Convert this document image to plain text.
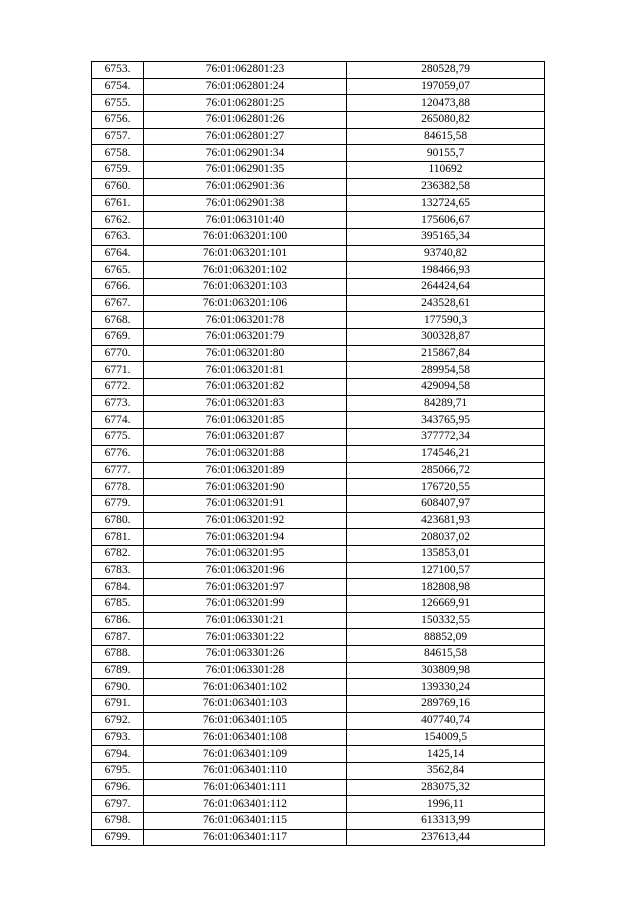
6753.	76:01:062801:23	280528,79
6754.	76:01:062801:24	197059,07
6755.	76:01:062801:25	120473,88
6756.	76:01:062801:26	265080,82
6757.	76:01:062801:27	84615,58
6758.	76:01:062901:34	90155,7
6759.	76:01:062901:35	110692
6760.	76:01:062901:36	236382,58
6761.	76:01:062901:38	132724,65
6762.	76:01:063101:40	175606,67
6763.	76:01:063201:100	395165,34
6764.	76:01:063201:101	93740,82
6765.	76:01:063201:102	198466,93
6766.	76:01:063201:103	264424,64
6767.	76:01:063201:106	243528,61
6768.	76:01:063201:78	177590,3
6769.	76:01:063201:79	300328,87
6770.	76:01:063201:80	215867,84
6771.	76:01:063201:81	289954,58
6772.	76:01:063201:82	429094,58
6773.	76:01:063201:83	84289,71
6774.	76:01:063201:85	343765,95
6775.	76:01:063201:87	377772,34
6776.	76:01:063201:88	174546,21
6777.	76:01:063201:89	285066,72
6778.	76:01:063201:90	176720,55
6779.	76:01:063201:91	608407,97
6780.	76:01:063201:92	423681,93
6781.	76:01:063201:94	208037,02
6782.	76:01:063201:95	135853,01
6783.	76:01:063201:96	127100,57
6784.	76:01:063201:97	182808,98
6785.	76:01:063201:99	126669,91
6786.	76:01:063301:21	150332,55
6787.	76:01:063301:22	88852,09
6788.	76:01:063301:26	84615,58
6789.	76:01:063301:28	303809,98
6790.	76:01:063401:102	139330,24
6791.	76:01:063401:103	289769,16
6792.	76:01:063401:105	407740,74
6793.	76:01:063401:108	154009,5
6794.	76:01:063401:109	1425,14
6795.	76:01:063401:110	3562,84
6796.	76:01:063401:111	283075,32
6797.	76:01:063401:112	1996,11
6798.	76:01:063401:115	613313,99
6799.	76:01:063401:117	237613,44
